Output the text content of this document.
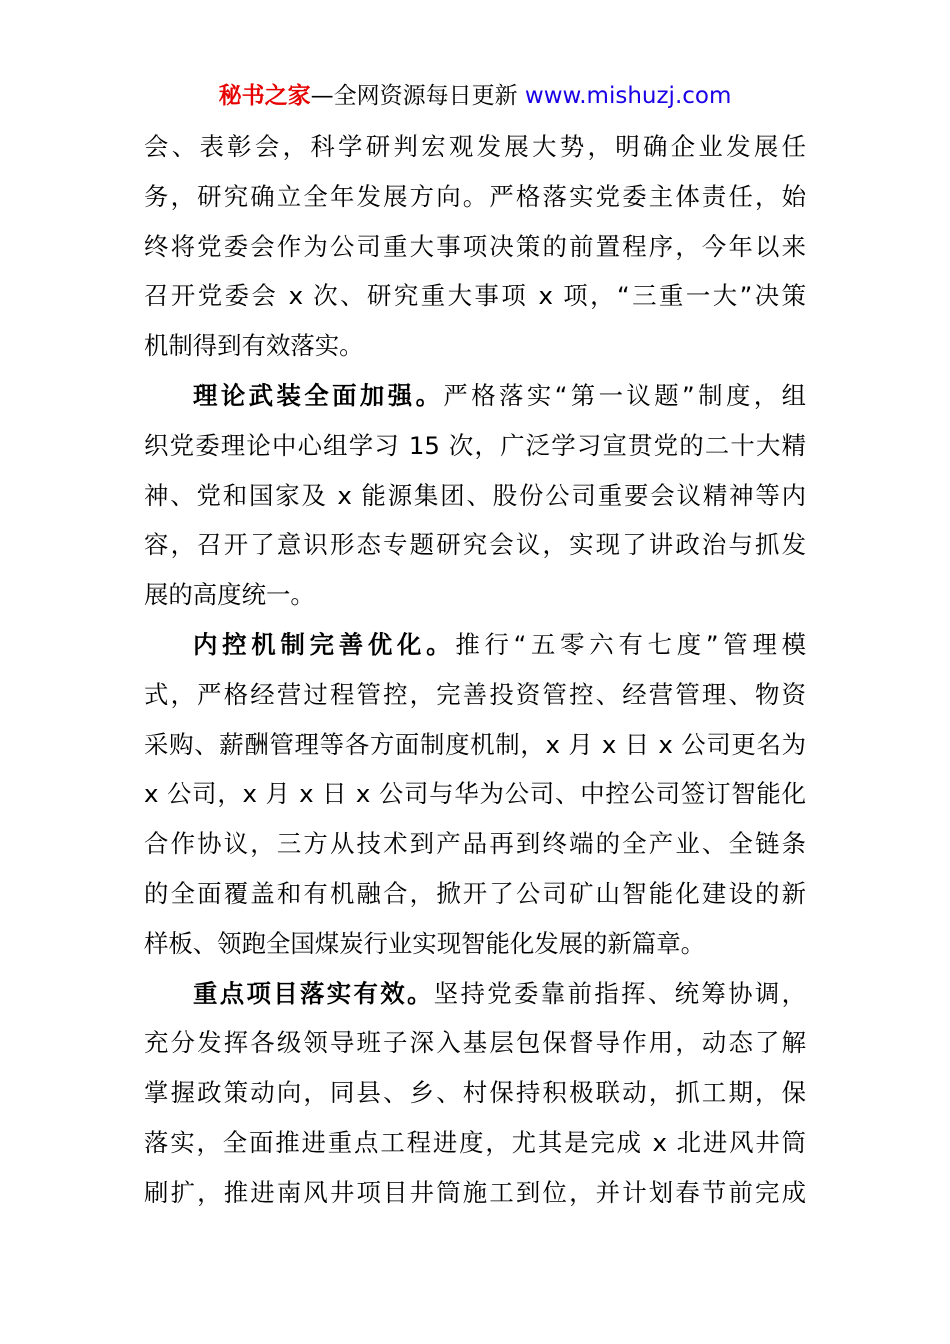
秘书之家—全网资源每日更新 www.mishuzj.com
会、表彰会，科学研判宏观发展大势，明确企业发展任
务，研究确立全年发展方向。严格落实党委主体责任，始
终将党委会作为公司重大事项决策的前置程序，今年以来
召开党委会 x 次、研究重大事项 x 项，“三重一大”决策
机制得到有效落实。
理论武装全面加强。严格落实“第一议题”制度，组
织党委理论中心组学习 15 次，广泛学习宣贯党的二十大精
神、党和国家及 x 能源集团、股份公司重要会议精神等内
容，召开了意识形态专题研究会议，实现了讲政治与抓发
展的高度统一。
内控机制完善优化。推行“五零六有七度”管理模
式，严格经营过程管控，完善投资管控、经营管理、物资
采购、薪酬管理等各方面制度机制，x 月 x 日 x 公司更名为
x 公司，x 月 x 日 x 公司与华为公司、中控公司签订智能化
合作协议，三方从技术到产品再到终端的全产业、全链条
的全面覆盖和有机融合，掀开了公司矿山智能化建设的新
样板、领跑全国煤炭行业实现智能化发展的新篇章。
重点项目落实有效。坚持党委靠前指挥、统筹协调，
充分发挥各级领导班子深入基层包保督导作用，动态了解
掌握政策动向，同县、乡、村保持积极联动，抓工期，保
落实，全面推进重点工程进度，尤其是完成 x 北进风井筒
刷扩，推进南风井项目井筒施工到位，并计划春节前完成
